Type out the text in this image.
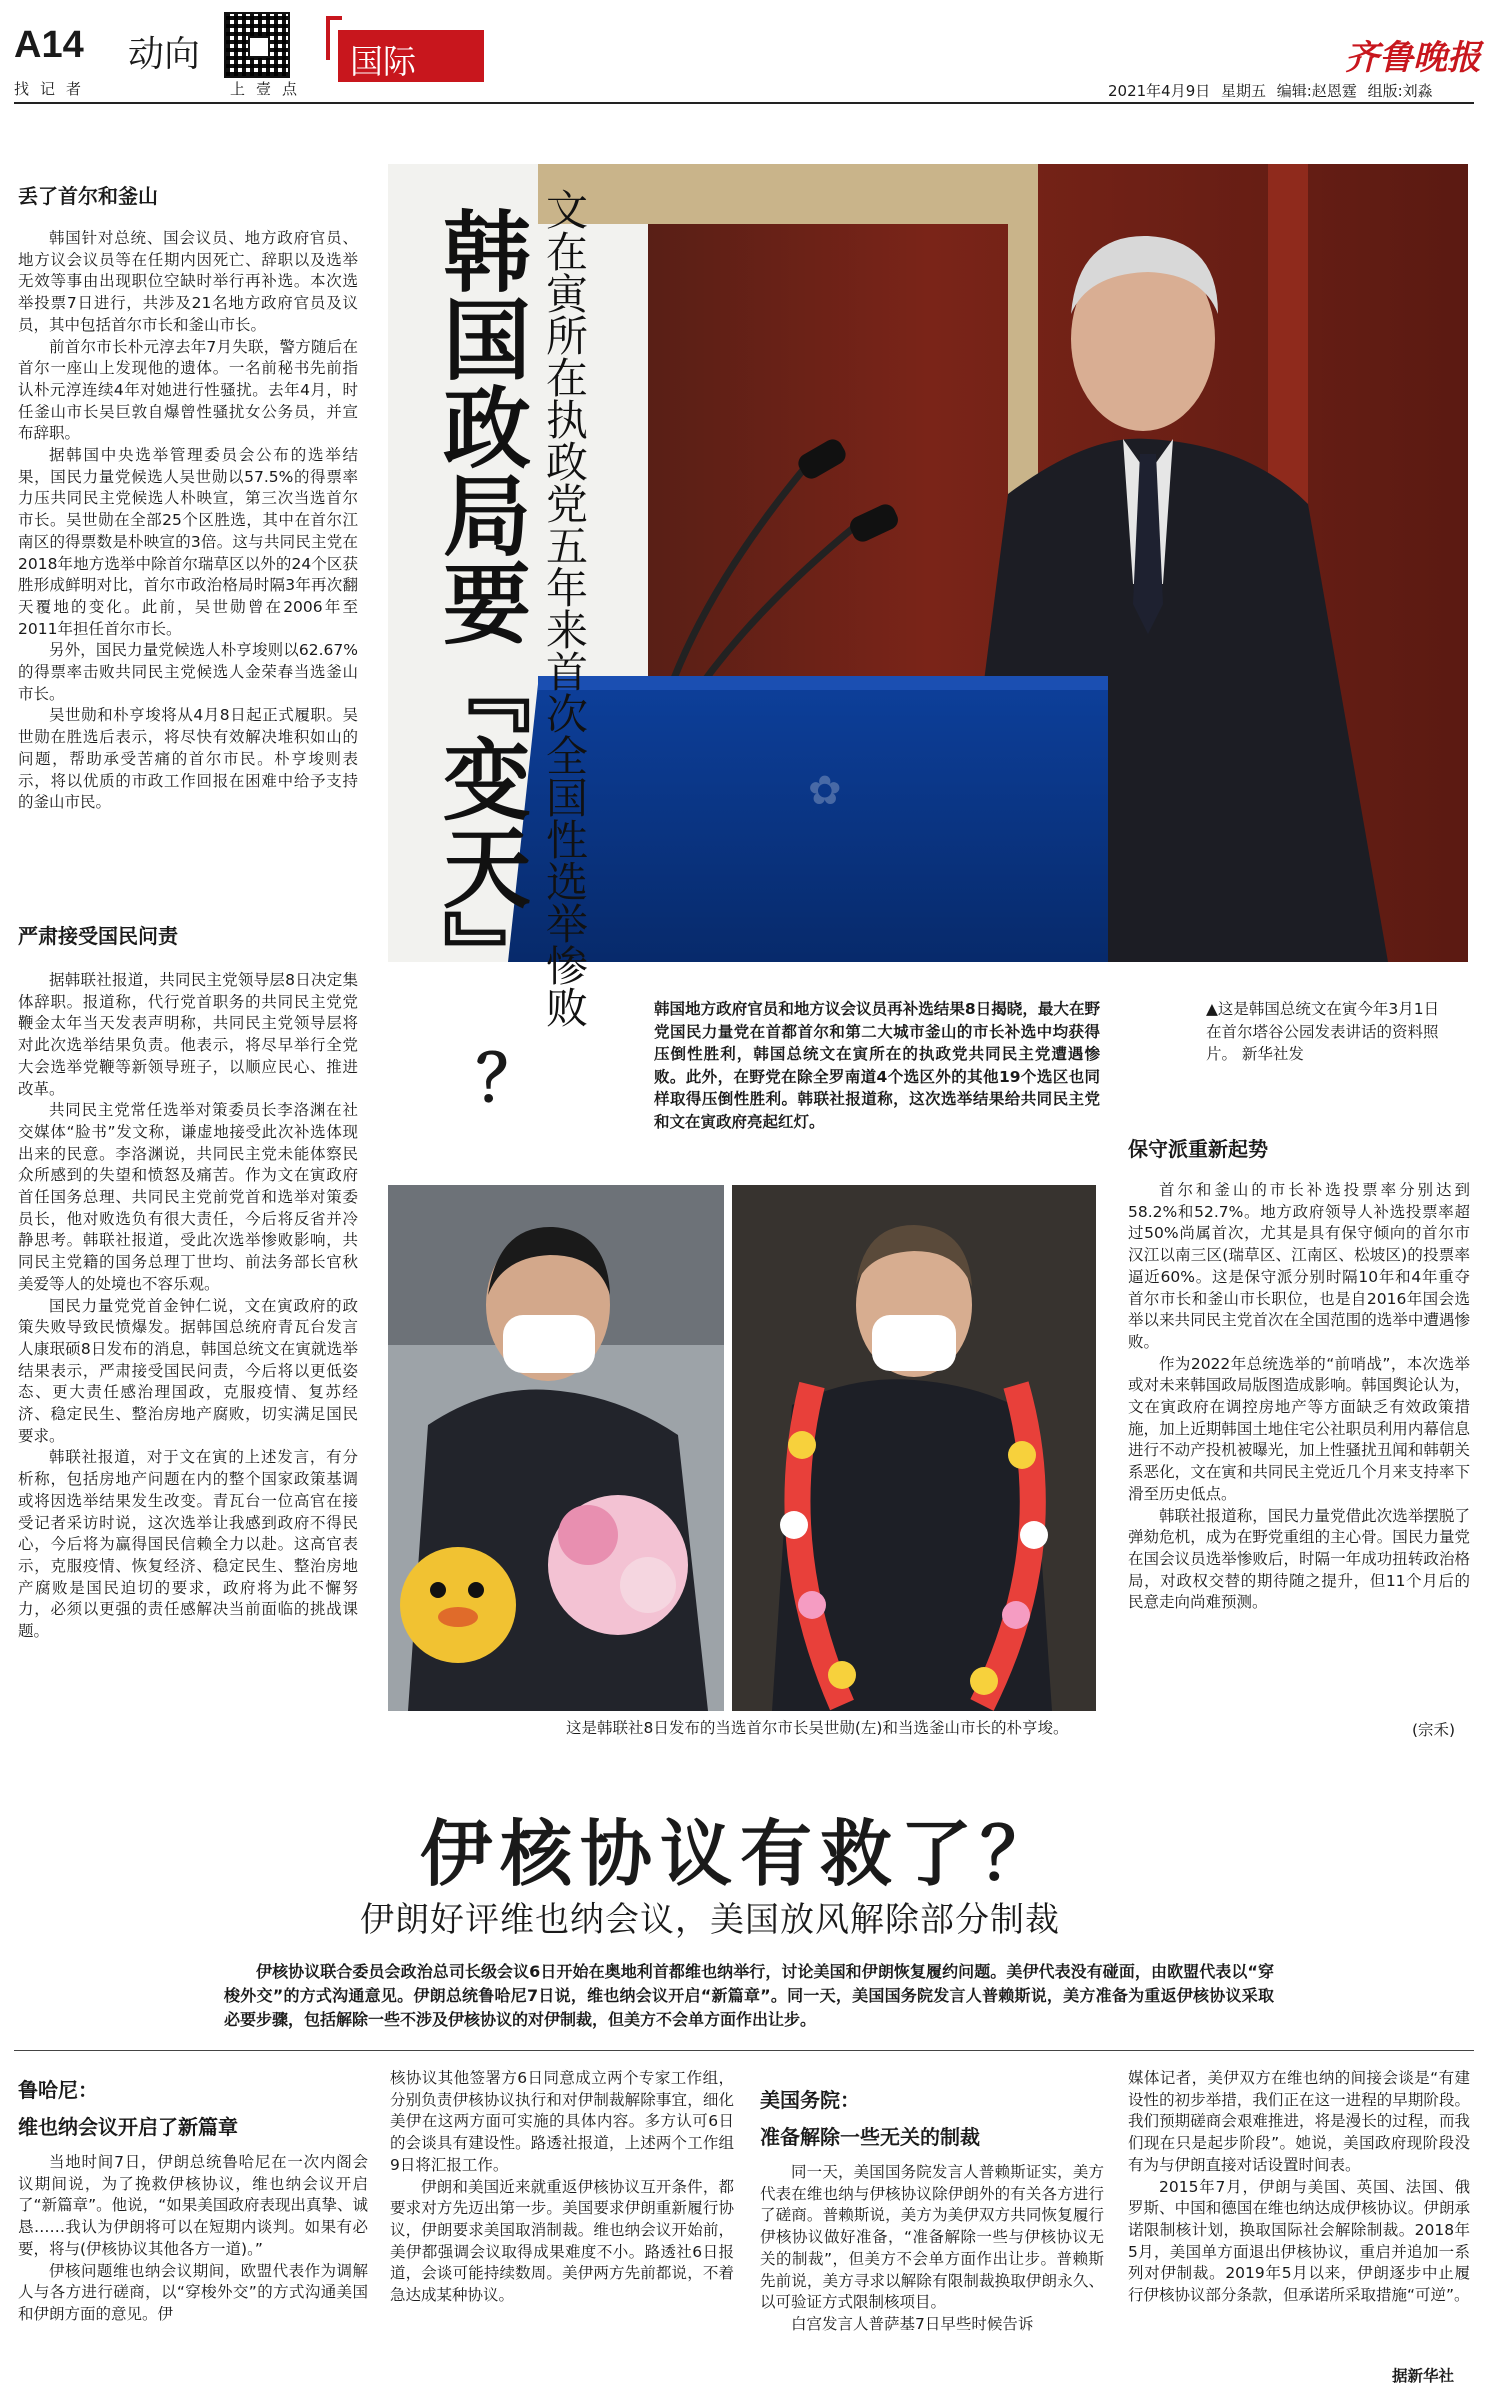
A14 动向	国际
找记者	上壹点
齐鲁晚报
2021年4月9日 星期五 编辑:赵恩霆 组版:刘淼
丢了首尔和釜山

韩国针对总统、国会议员、地方政府官员、地方议会议员等在任期内因死亡、辞职以及选举无效等事由出现职位空缺时举行再补选。本次选举投票7日进行，共涉及21名地方政府官员及议员，其中包括首尔市长和釜山市长。

前首尔市长朴元淳去年7月失联，警方随后在首尔一座山上发现他的遗体。一名前秘书先前指认朴元淳连续4年对她进行性骚扰。去年4月，时任釜山市长吴巨敦自爆曾性骚扰女公务员，并宣布辞职。

据韩国中央选举管理委员会公布的选举结果，国民力量党候选人吴世勋以57.5%的得票率力压共同民主党候选人朴映宣，第三次当选首尔市长。吴世勋在全部25个区胜选，其中在首尔江南区的得票数是朴映宣的3倍。这与共同民主党在2018年地方选举中除首尔瑞草区以外的24个区获胜形成鲜明对比，首尔市政治格局时隔3年再次翻天覆地的变化。此前，吴世勋曾在2006年至2011年担任首尔市长。

另外，国民力量党候选人朴亨埈则以62.67%的得票率击败共同民主党候选人金荣春当选釜山市长。

吴世勋和朴亨埈将从4月8日起正式履职。吴世勋在胜选后表示，将尽快有效解决堆积如山的问题，帮助承受苦痛的首尔市民。朴亨埈则表示，将以优质的市政工作回报在困难中给予支持的釜山市民。

严肃接受国民问责

据韩联社报道，共同民主党领导层8日决定集体辞职。报道称，代行党首职务的共同民主党党鞭金太年当天发表声明称，共同民主党领导层将对此次选举结果负责。他表示，将尽早举行全党大会选举党鞭等新领导班子，以顺应民心、推进改革。

共同民主党常任选举对策委员长李洛渊在社交媒体“脸书”发文称，谦虚地接受此次补选体现出来的民意。李洛渊说，共同民主党未能体察民众所感到的失望和愤怒及痛苦。作为文在寅政府首任国务总理、共同民主党前党首和选举对策委员长，他对败选负有很大责任，今后将反省并冷静思考。韩联社报道，受此次选举惨败影响，共同民主党籍的国务总理丁世均、前法务部长官秋美爱等人的处境也不容乐观。

国民力量党党首金钟仁说，文在寅政府的政策失败导致民愤爆发。据韩国总统府青瓦台发言人康珉硕8日发布的消息，韩国总统文在寅就选举结果表示，严肃接受国民问责，今后将以更低姿态、更大责任感治理国政，克服疫情、复苏经济、稳定民生、整治房地产腐败，切实满足国民要求。

韩联社报道，对于文在寅的上述发言，有分析称，包括房地产问题在内的整个国家政策基调或将因选举结果发生改变。青瓦台一位高官在接受记者采访时说，这次选举让我感到政府不得民心，今后将为赢得国民信赖全力以赴。这高官表示，克服疫情、恢复经济、稳定民生、整治房地产腐败是国民迫切的要求，政府将为此不懈努力，必须以更强的责任感解决当前面临的挑战课题。

✿
韩国政局要『变天』 文在寅所在执政党五年来首次全国性选举惨败
？
韩国地方政府官员和地方议会议员再补选结果8日揭晓，最大在野党国民力量党在首都首尔和第二大城市釜山的市长补选中均获得压倒性胜利，韩国总统文在寅所在的执政党共同民主党遭遇惨败。此外，在野党在除全罗南道4个选区外的其他19个选区也同样取得压倒性胜利。韩联社报道称，这次选举结果给共同民主党和文在寅政府亮起红灯。
▲这是韩国总统文在寅今年3月1日在首尔塔谷公园发表讲话的资料照片。 新华社发
这是韩联社8日发布的当选首尔市长吴世勋(左)和当选釜山市长的朴亨埈。
保守派重新起势

首尔和釜山的市长补选投票率分别达到58.2%和52.7%。地方政府领导人补选投票率超过50%尚属首次，尤其是具有保守倾向的首尔市汉江以南三区(瑞草区、江南区、松坡区)的投票率逼近60%。这是保守派分别时隔10年和4年重夺首尔市长和釜山市长职位，也是自2016年国会选举以来共同民主党首次在全国范围的选举中遭遇惨败。

作为2022年总统选举的“前哨战”，本次选举或对未来韩国政局版图造成影响。韩国舆论认为，文在寅政府在调控房地产等方面缺乏有效政策措施，加上近期韩国土地住宅公社职员利用内幕信息进行不动产投机被曝光，加上性骚扰丑闻和韩朝关系恶化，文在寅和共同民主党近几个月来支持率下滑至历史低点。

韩联社报道称，国民力量党借此次选举摆脱了弹劾危机，成为在野党重组的主心骨。国民力量党在国会议员选举惨败后，时隔一年成功扭转政治格局，对政权交替的期待随之提升，但11个月后的民意走向尚难预测。

(宗禾)
伊核协议有救了？
伊朗好评维也纳会议，美国放风解除部分制裁
伊核协议联合委员会政治总司长级会议6日开始在奥地利首都维也纳举行，讨论美国和伊朗恢复履约问题。美伊代表没有碰面，由欧盟代表以“穿梭外交”的方式沟通意见。伊朗总统鲁哈尼7日说，维也纳会议开启“新篇章”。同一天，美国国务院发言人普赖斯说，美方准备为重返伊核协议采取必要步骤，包括解除一些不涉及伊核协议的对伊制裁，但美方不会单方面作出让步。
鲁哈尼：
维也纳会议开启了新篇章

当地时间7日，伊朗总统鲁哈尼在一次内阁会议期间说，为了挽救伊核协议，维也纳会议开启了“新篇章”。他说，“如果美国政府表现出真挚、诚恳……我认为伊朗将可以在短期内谈判。如果有必要，将与(伊核协议其他各方一道)。”

伊核问题维也纳会议期间，欧盟代表作为调解人与各方进行磋商，以“穿梭外交”的方式沟通美国和伊朗方面的意见。伊

核协议其他签署方6日同意成立两个专家工作组，分别负责伊核协议执行和对伊制裁解除事宜，细化美伊在这两方面可实施的具体内容。多方认可6日的会谈具有建设性。路透社报道，上述两个工作组9日将汇报工作。

伊朗和美国近来就重返伊核协议互开条件，都要求对方先迈出第一步。美国要求伊朗重新履行协议，伊朗要求美国取消制裁。维也纳会议开始前，美伊都强调会议取得成果难度不小。路透社6日报道，会谈可能持续数周。美伊两方先前都说，不着急达成某种协议。

美国务院：
准备解除一些无关的制裁

同一天，美国国务院发言人普赖斯证实，美方代表在维也纳与伊核协议除伊朗外的有关各方进行了磋商。普赖斯说，美方为美伊双方共同恢复履行伊核协议做好准备，“准备解除一些与伊核协议无关的制裁”，但美方不会单方面作出让步。普赖斯先前说，美方寻求以解除有限制裁换取伊朗永久、以可验证方式限制核项目。

白宫发言人普萨基7日早些时候告诉

媒体记者，美伊双方在维也纳的间接会谈是“有建设性的初步举措，我们正在这一进程的早期阶段。我们预期磋商会艰难推进，将是漫长的过程，而我们现在只是起步阶段”。她说，美国政府现阶段没有为与伊朗直接对话设置时间表。

2015年7月，伊朗与美国、英国、法国、俄罗斯、中国和德国在维也纳达成伊核协议。伊朗承诺限制核计划，换取国际社会解除制裁。2018年5月，美国单方面退出伊核协议，重启并追加一系列对伊制裁。2019年5月以来，伊朗逐步中止履行伊核协议部分条款，但承诺所采取措施“可逆”。

据新华社
